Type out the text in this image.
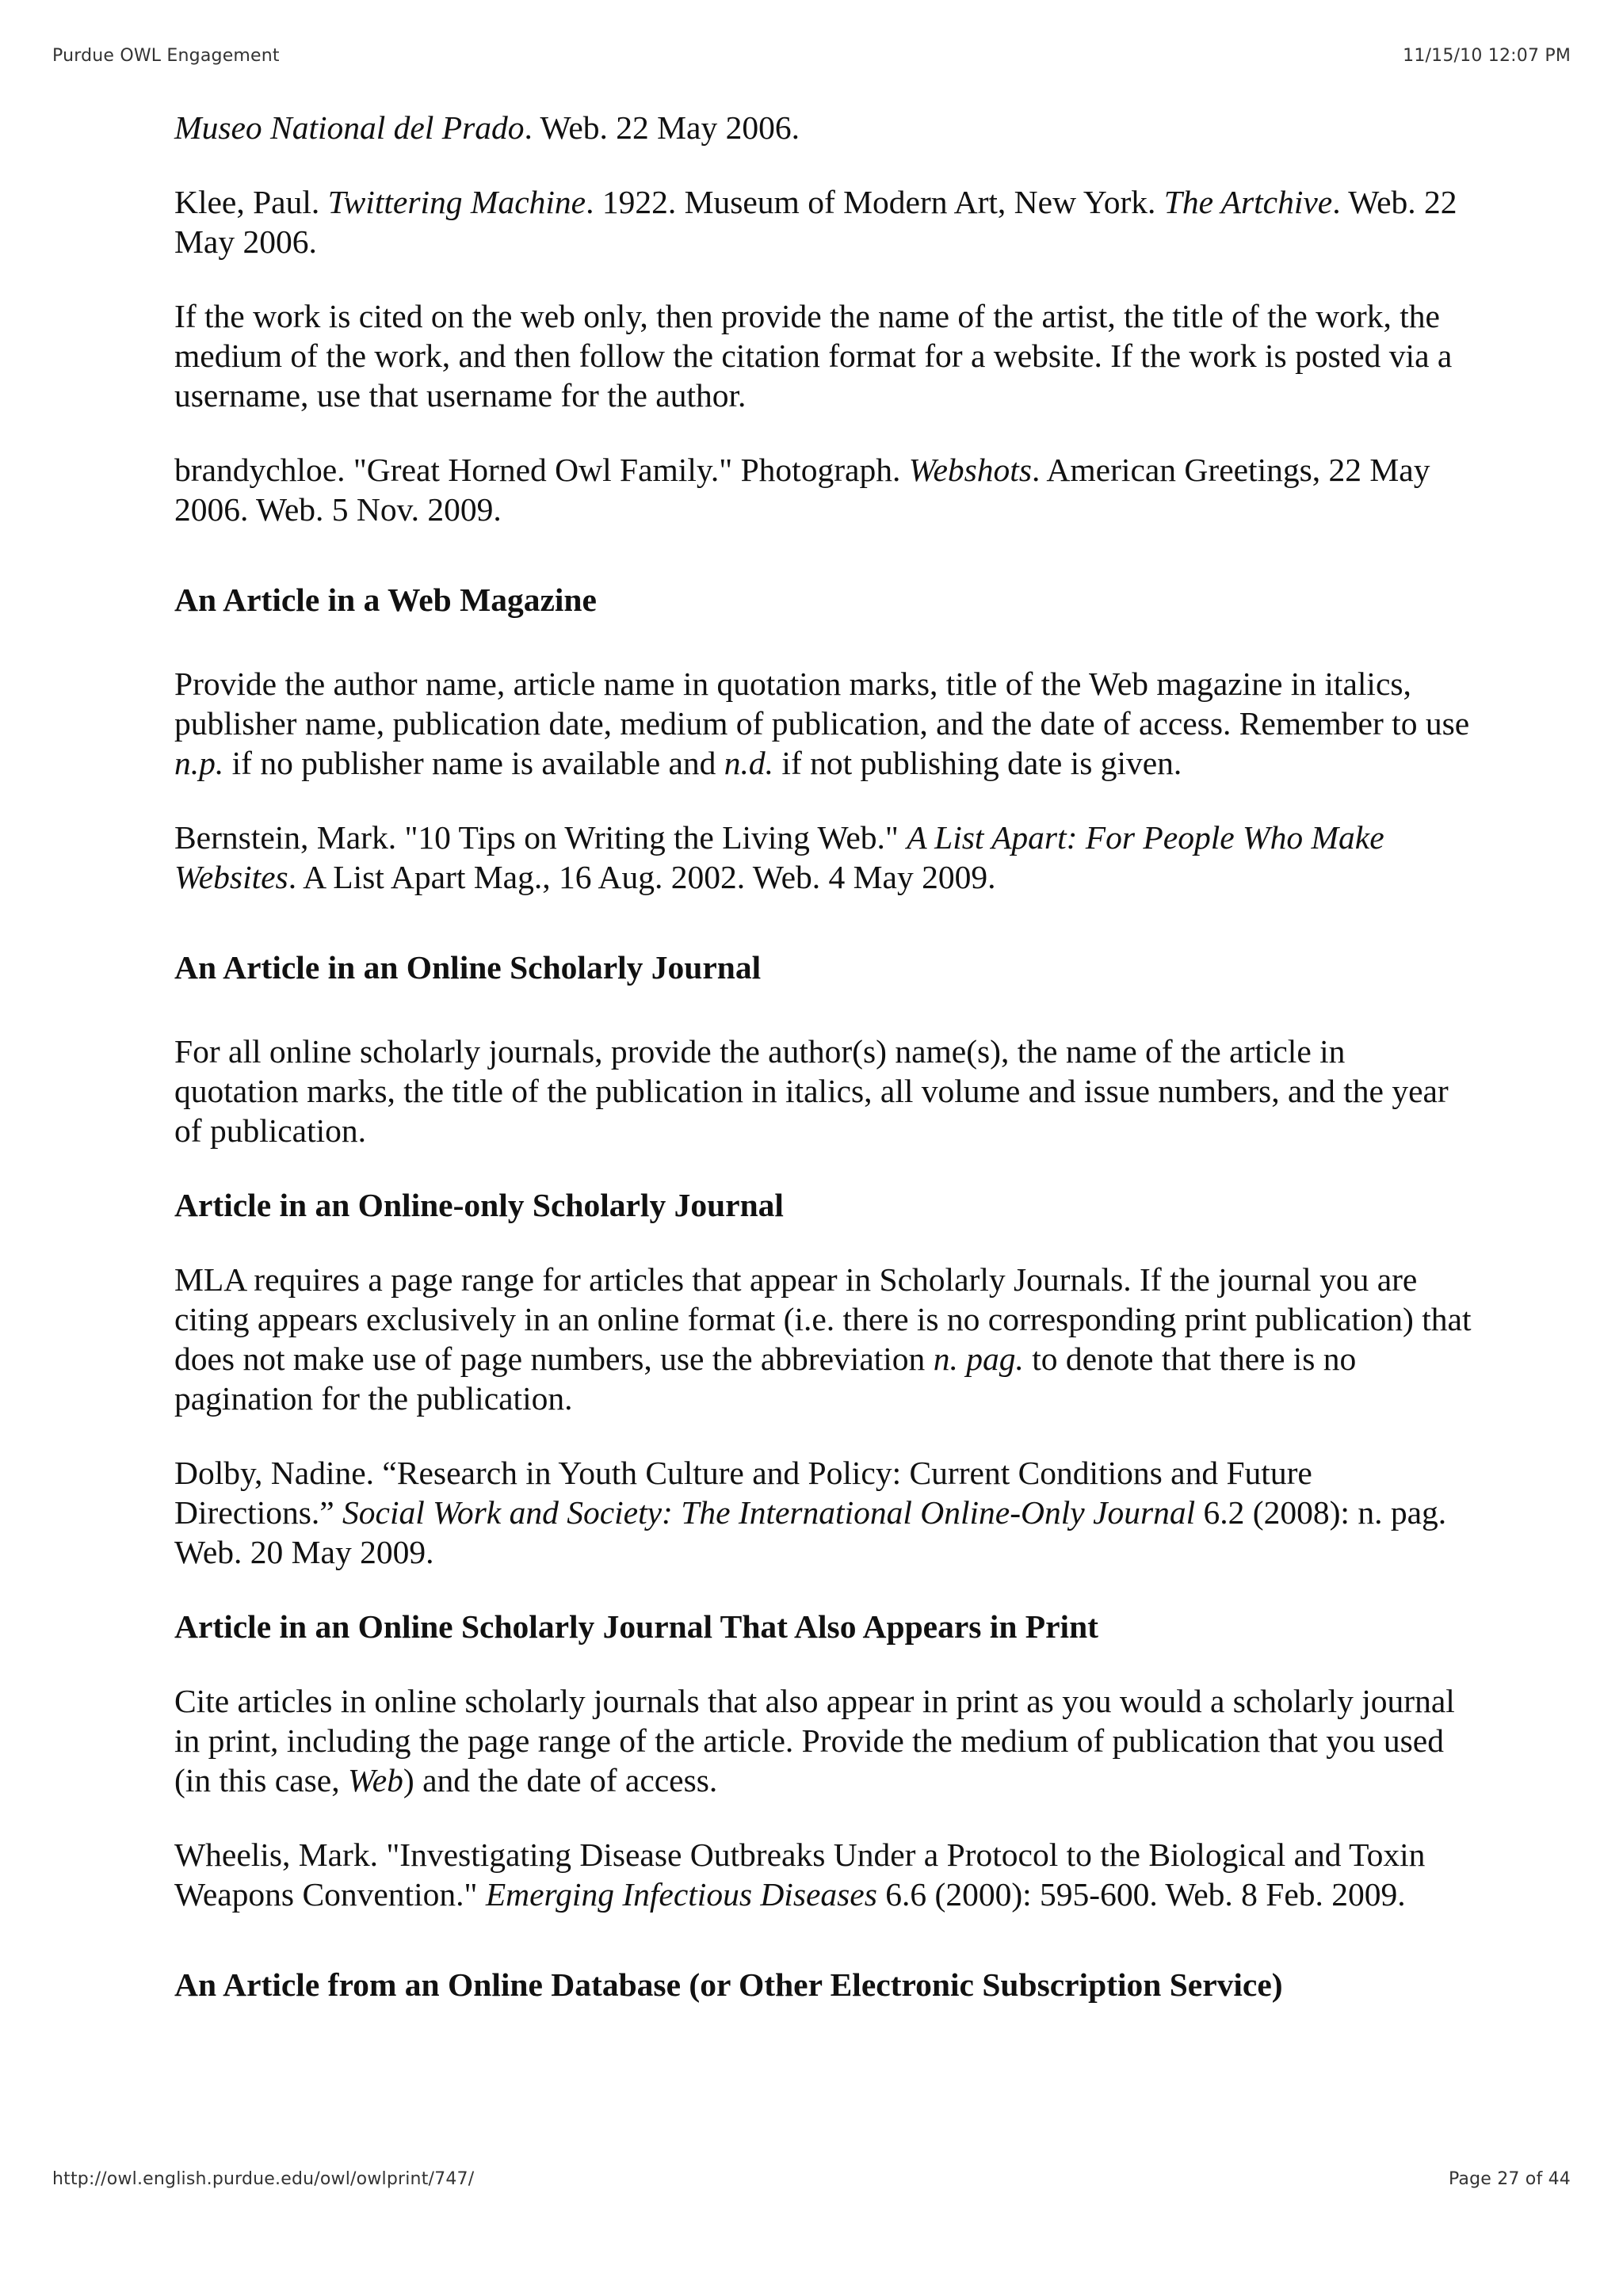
Purdue OWL Engagement	11/15/10 12:07 PM

Museo National del Prado. Web. 22 May 2006.

Klee, Paul. Twittering Machine. 1922. Museum of Modern Art, New York. The Artchive. Web. 22 May 2006.

If the work is cited on the web only, then provide the name of the artist, the title of the work, the medium of the work, and then follow the citation format for a website. If the work is posted via a username, use that username for the author.

brandychloe. "Great Horned Owl Family." Photograph. Webshots. American Greetings, 22 May 2006. Web. 5 Nov. 2009.

An Article in a Web Magazine

Provide the author name, article name in quotation marks, title of the Web magazine in italics, publisher name, publication date, medium of publication, and the date of access. Remember to use n.p. if no publisher name is available and n.d. if not publishing date is given.

Bernstein, Mark. "10 Tips on Writing the Living Web." A List Apart: For People Who Make Websites. A List Apart Mag., 16 Aug. 2002. Web. 4 May 2009.

An Article in an Online Scholarly Journal

For all online scholarly journals, provide the author(s) name(s), the name of the article in quotation marks, the title of the publication in italics, all volume and issue numbers, and the year of publication.

Article in an Online-only Scholarly Journal

MLA requires a page range for articles that appear in Scholarly Journals. If the journal you are citing appears exclusively in an online format (i.e. there is no corresponding print publication) that does not make use of page numbers, use the abbreviation n. pag. to denote that there is no pagination for the publication.

Dolby, Nadine. “Research in Youth Culture and Policy: Current Conditions and Future Directions.” Social Work and Society: The International Online-Only Journal 6.2 (2008): n. pag. Web. 20 May 2009.

Article in an Online Scholarly Journal That Also Appears in Print

Cite articles in online scholarly journals that also appear in print as you would a scholarly journal in print, including the page range of the article. Provide the medium of publication that you used (in this case, Web) and the date of access.

Wheelis, Mark. "Investigating Disease Outbreaks Under a Protocol to the Biological and Toxin Weapons Convention." Emerging Infectious Diseases 6.6 (2000): 595-600. Web. 8 Feb. 2009.

An Article from an Online Database (or Other Electronic Subscription Service)
http://owl.english.purdue.edu/owl/owlprint/747/	Page 27 of 44
